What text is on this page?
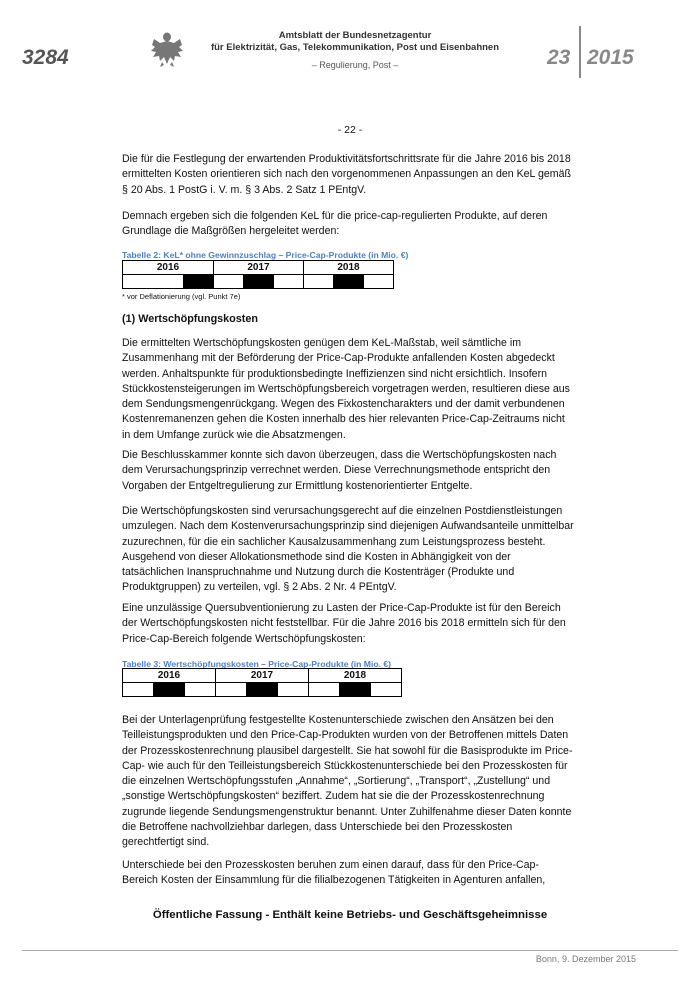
3284
Amtsblatt der Bundesnetzagentur
für Elektrizität, Gas, Telekommunikation, Post und Eisenbahnen
– Regulierung, Post –	23 2015
- 22 -

Die für die Festlegung der erwartenden Produktivitätsfortschrittsrate für die Jahre 2016 bis 2018 ermittelten Kosten orientieren sich nach den vorgenommenen Anpassungen an den KeL gemäß § 20 Abs. 1 PostG i. V. m. § 3 Abs. 2 Satz 1 PEntgV.

Demnach ergeben sich die folgenden KeL für die price-cap-regulierten Produkte, auf deren Grundlage die Maßgrößen hergeleitet werden:

Tabelle 2: KeL* ohne Gewinnzuschlag – Price-Cap-Produkte (in Mio. €)
2016		2017			2018		

* vor Deflationierung (vgl. Punkt 7e)
(1) Wertschöpfungskosten

Die ermittelten Wertschöpfungskosten genügen dem KeL-Maßstab, weil sämtliche im Zusammenhang mit der Beförderung der Price-Cap-Produkte anfallenden Kosten abgedeckt werden. Anhaltspunkte für produktionsbedingte Ineffizienzen sind nicht ersichtlich. Insofern Stückkostensteigerungen im Wertschöpfungsbereich vorgetragen werden, resultieren diese aus dem Sendungsmengenrückgang. Wegen des Fixkostencharakters und der damit verbundenen Kostenremanenzen gehen die Kosten innerhalb des hier relevanten Price-Cap-Zeitraums nicht in dem Umfange zurück wie die Absatzmengen.

Die Beschlusskammer konnte sich davon überzeugen, dass die Wertschöpfungskosten nach dem Verursachungsprinzip verrechnet werden. Diese Verrechnungsmethode entspricht den Vorgaben der Entgeltregulierung zur Ermittlung kostenorientierter Entgelte.

Die Wertschöpfungskosten sind verursachungsgerecht auf die einzelnen Postdienstleistungen umzulegen. Nach dem Kostenverursachungsprinzip sind diejenigen Aufwandsanteile unmittelbar zuzurechnen, für die ein sachlicher Kausalzusammenhang zum Leistungsprozess besteht. Ausgehend von dieser Allokationsmethode sind die Kosten in Abhängigkeit von der tatsächlichen Inanspruchnahme und Nutzung durch die Kostenträger (Produkte und Produktgruppen) zu verteilen, vgl. § 2 Abs. 2 Nr. 4 PEntgV.

Eine unzulässige Quersubventionierung zu Lasten der Price-Cap-Produkte ist für den Bereich der Wertschöpfungskosten nicht feststellbar. Für die Jahre 2016 bis 2018 ermitteln sich für den Price-Cap-Bereich folgende Wertschöpfungskosten:

Tabelle 3: Wertschöpfungskosten – Price-Cap-Produkte (in Mio. €)
2016			2017			2018		

Bei der Unterlagenprüfung festgestellte Kostenunterschiede zwischen den Ansätzen bei den Teilleistungsprodukten und den Price-Cap-Produkten wurden von der Betroffenen mittels Daten der Prozesskostenrechnung plausibel dargestellt. Sie hat sowohl für die Basisprodukte im Price-Cap- wie auch für den Teilleistungsbereich Stückkostenunterschiede bei den Prozesskosten für die einzelnen Wertschöpfungsstufen „Annahme“, „Sortierung“, „Transport“, „Zustellung“ und „sonstige Wertschöpfungskosten“ beziffert. Zudem hat sie die der Prozesskostenrechnung zugrunde liegende Sendungsmengenstruktur benannt. Unter Zuhilfenahme dieser Daten konnte die Betroffene nachvollziehbar darlegen, dass Unterschiede bei den Prozesskosten gerechtfertigt sind.

Unterschiede bei den Prozesskosten beruhen zum einen darauf, dass für den Price-Cap-Bereich Kosten der Einsammlung für die filialbezogenen Tätigkeiten in Agenturen anfallen,

Öffentliche Fassung - Enthält keine Betriebs- und Geschäftsgeheimnisse
Bonn, 9. Dezember 2015
